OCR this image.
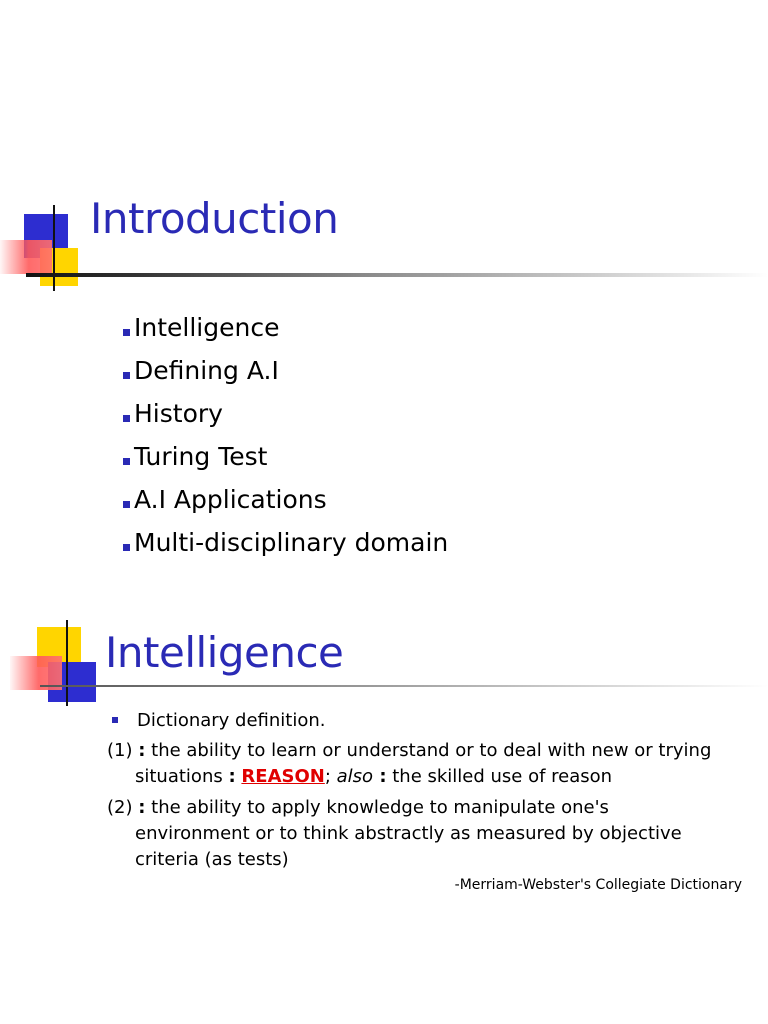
Introduction
Intelligence
Defining A.I
History
Turing Test
A.I Applications
Multi-disciplinary domain
Intelligence
Dictionary definition.
(1) : the ability to learn or understand or to deal with new or trying
situations : REASON; also : the skilled use of reason
(2) : the ability to apply knowledge to manipulate one's
environment or to think abstractly as measured by objective
criteria (as tests)
-Merriam-Webster's Collegiate Dictionary
